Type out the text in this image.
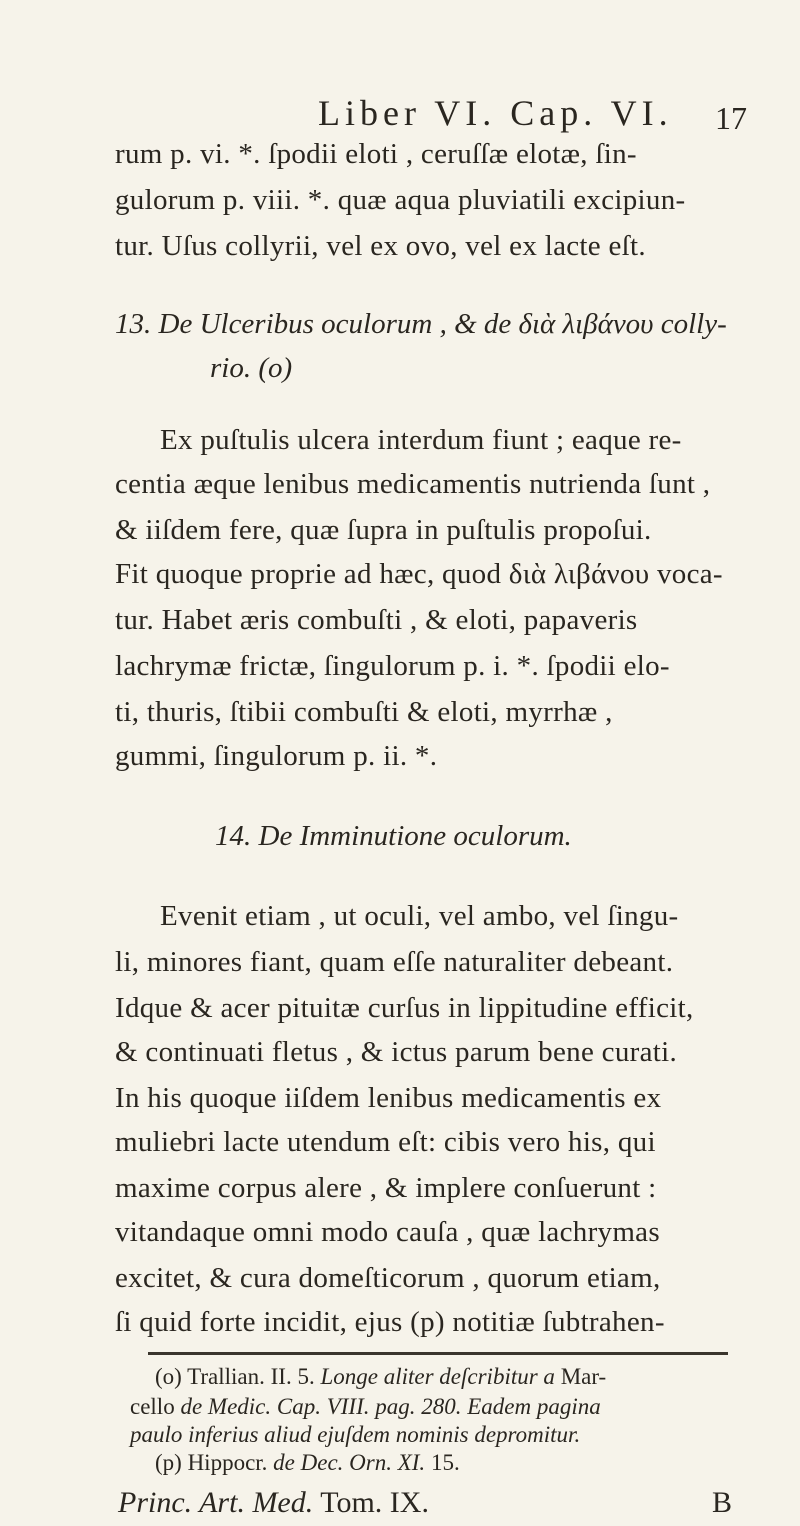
Liber VI. Cap. VI. 17
rum p. vi. *. ſpodii eloti , ceruſſæ elotæ, ſin-
gulorum p. viii. *. quæ aqua pluviatili excipiun-
tur. Uſus collyrii, vel ex ovo, vel ex lacte eſt.
13. De Ulceribus oculorum , & de διὰ λιβάνου colly-
rio. (o)
Ex puſtulis ulcera interdum fiunt ; eaque re-
centia æque lenibus medicamentis nutrienda ſunt ,
& iiſdem fere, quæ ſupra in puſtulis propoſui.
Fit quoque proprie ad hæc, quod διὰ λιβάνου voca-
tur. Habet æris combuſti , & eloti, papaveris
lachrymæ frictæ, ſingulorum p. i. *. ſpodii elo-
ti, thuris, ſtibii combuſti & eloti, myrrhæ ,
gummi, ſingulorum p. ii. *.
14. De Imminutione oculorum.
Evenit etiam , ut oculi, vel ambo, vel ſingu-
li, minores fiant, quam eſſe naturaliter debeant.
Idque & acer pituitæ curſus in lippitudine efficit,
& continuati fletus , & ictus parum bene curati.
In his quoque iiſdem lenibus medicamentis ex
muliebri lacte utendum eſt: cibis vero his, qui
maxime corpus alere , & implere conſuerunt :
vitandaque omni modo cauſa , quæ lachrymas
excitet, & cura domeſticorum , quorum etiam,
ſi quid forte incidit, ejus (p) notitiæ ſubtrahen-
(o) Trallian. II. 5. Longe aliter deſcribitur a Mar-
cello de Medic. Cap. VIII. pag. 280. Eadem pagina
paulo inferius aliud ejuſdem nominis depromitur.
(p) Hippocr. de Dec. Orn. XI. 15.
Princ. Art. Med. Tom. IX.	B
